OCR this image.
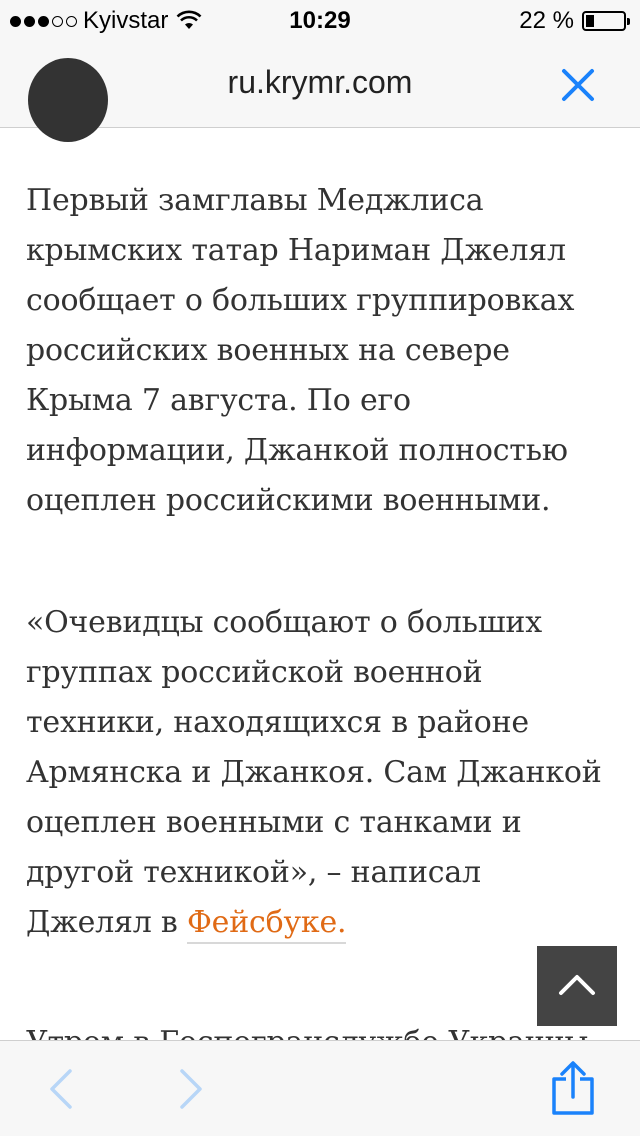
Kyivstar	10:29	22 %
ru.krymr.com

Первый замглавы Меджлиса
крымских татар Нариман Джелял
сообщает о больших группировках
российских военных на севере
Крыма 7 августа. По его
информации, Джанкой полностью
оцеплен российскими военными.

«Очевидцы сообщают о больших
группах российской военной
техники, находящихся в районе
Армянска и Джанкоя. Сам Джанкой
оцеплен военными с танками и
другой техникой», – написал
Джелял в Фейсбуке.
